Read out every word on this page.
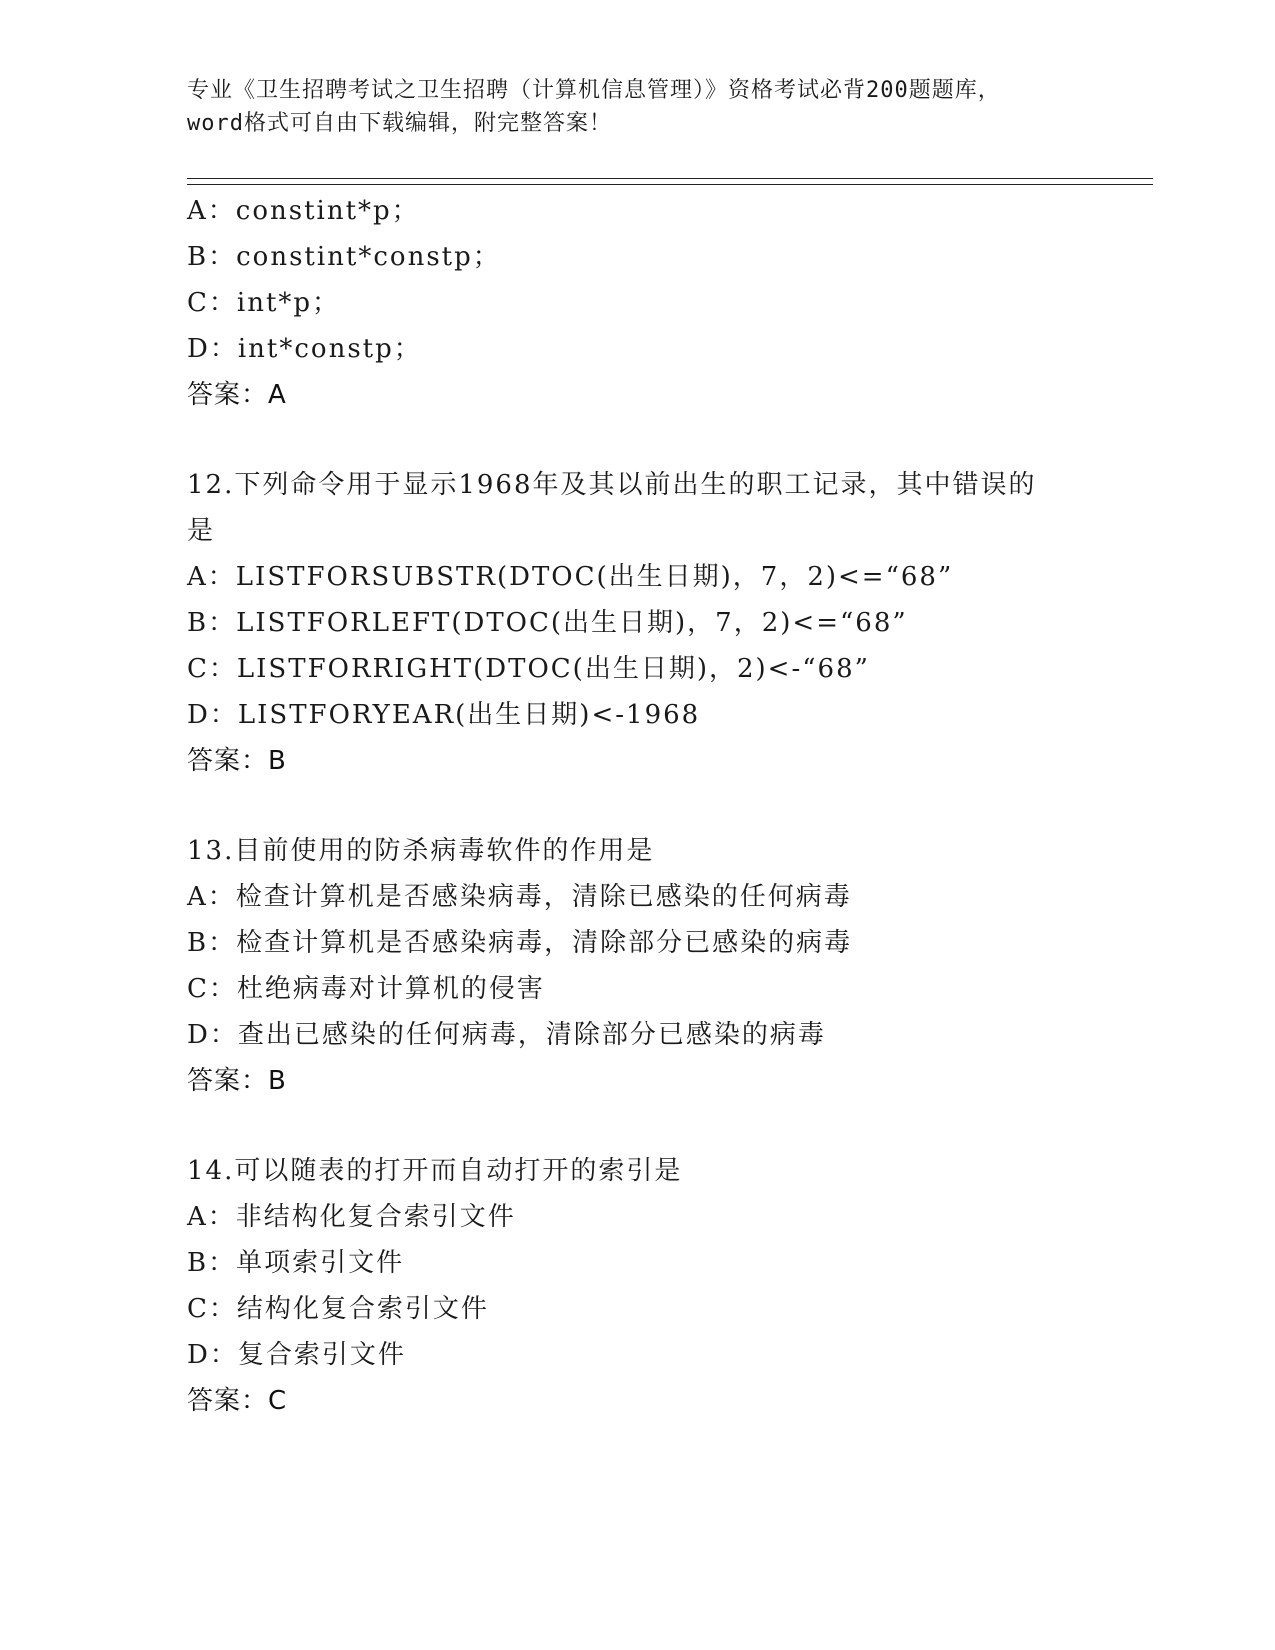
专业《卫生招聘考试之卫生招聘（计算机信息管理）》资格考试必背200题题库，
word格式可自由下载编辑，附完整答案！
A：constint*p；
B：constint*constp；
C：int*p；
D：int*constp；
答案：A
12.下列命令用于显示1968年及其以前出生的职工记录，其中错误的
是
A：LISTFORSUBSTR(DTOC(出生日期)，7，2)<=“68”
B：LISTFORLEFT(DTOC(出生日期)，7，2)<=“68”
C：LISTFORRIGHT(DTOC(出生日期)，2)<-“68”
D：LISTFORYEAR(出生日期)<-1968
答案：B
13.目前使用的防杀病毒软件的作用是
A：检查计算机是否感染病毒，清除已感染的任何病毒
B：检查计算机是否感染病毒，清除部分已感染的病毒
C：杜绝病毒对计算机的侵害
D：查出已感染的任何病毒，清除部分已感染的病毒
答案：B
14.可以随表的打开而自动打开的索引是
A：非结构化复合索引文件
B：单项索引文件
C：结构化复合索引文件
D：复合索引文件
答案：C
